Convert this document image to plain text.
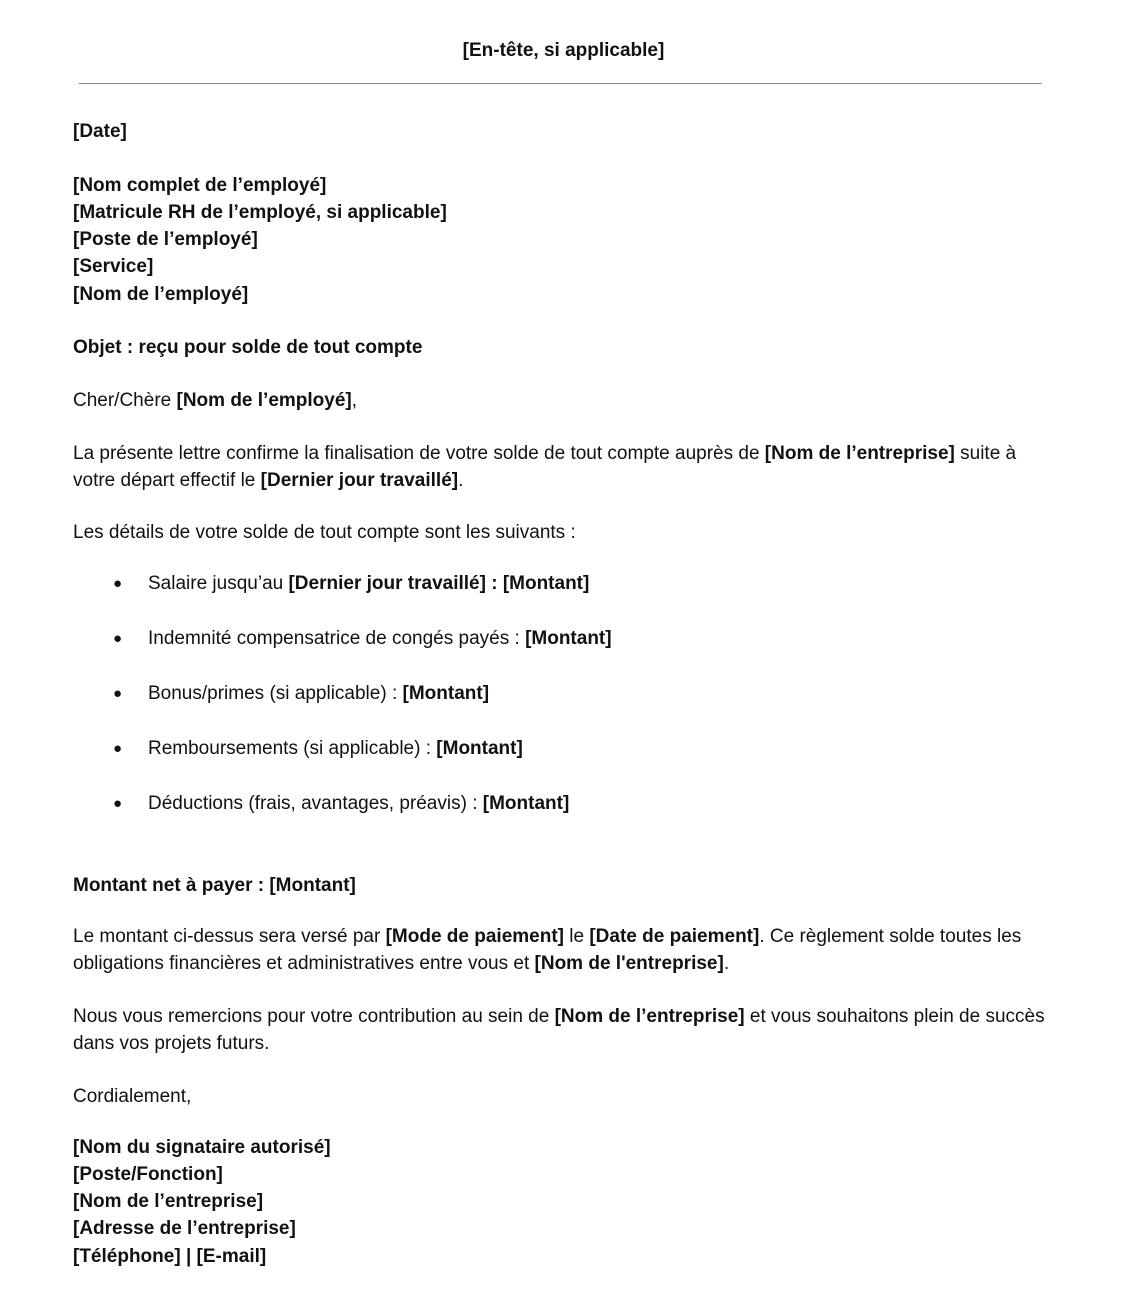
[En-tête, si applicable]
[Date]
[Nom complet de l’employé]
[Matricule RH de l’employé, si applicable]
[Poste de l’employé]
[Service]
[Nom de l’employé]
Objet : reçu pour solde de tout compte
Cher/Chère [Nom de l’employé],
La présente lettre confirme la finalisation de votre solde de tout compte auprès de [Nom de l’entreprise] suite à votre départ effectif le [Dernier jour travaillé].
Les détails de votre solde de tout compte sont les suivants :
● Salaire jusqu’au [Dernier jour travaillé] : [Montant]
● Indemnité compensatrice de congés payés : [Montant]
● Bonus/primes (si applicable) : [Montant]
● Remboursements (si applicable) : [Montant]
● Déductions (frais, avantages, préavis) : [Montant]
Montant net à payer : [Montant]
Le montant ci-dessus sera versé par [Mode de paiement] le [Date de paiement]. Ce règlement solde toutes les obligations financières et administratives entre vous et [Nom de l'entreprise].
Nous vous remercions pour votre contribution au sein de [Nom de l’entreprise] et vous souhaitons plein de succès dans vos projets futurs.
Cordialement,
[Nom du signataire autorisé]
[Poste/Fonction]
[Nom de l’entreprise]
[Adresse de l’entreprise]
[Téléphone] | [E-mail]
